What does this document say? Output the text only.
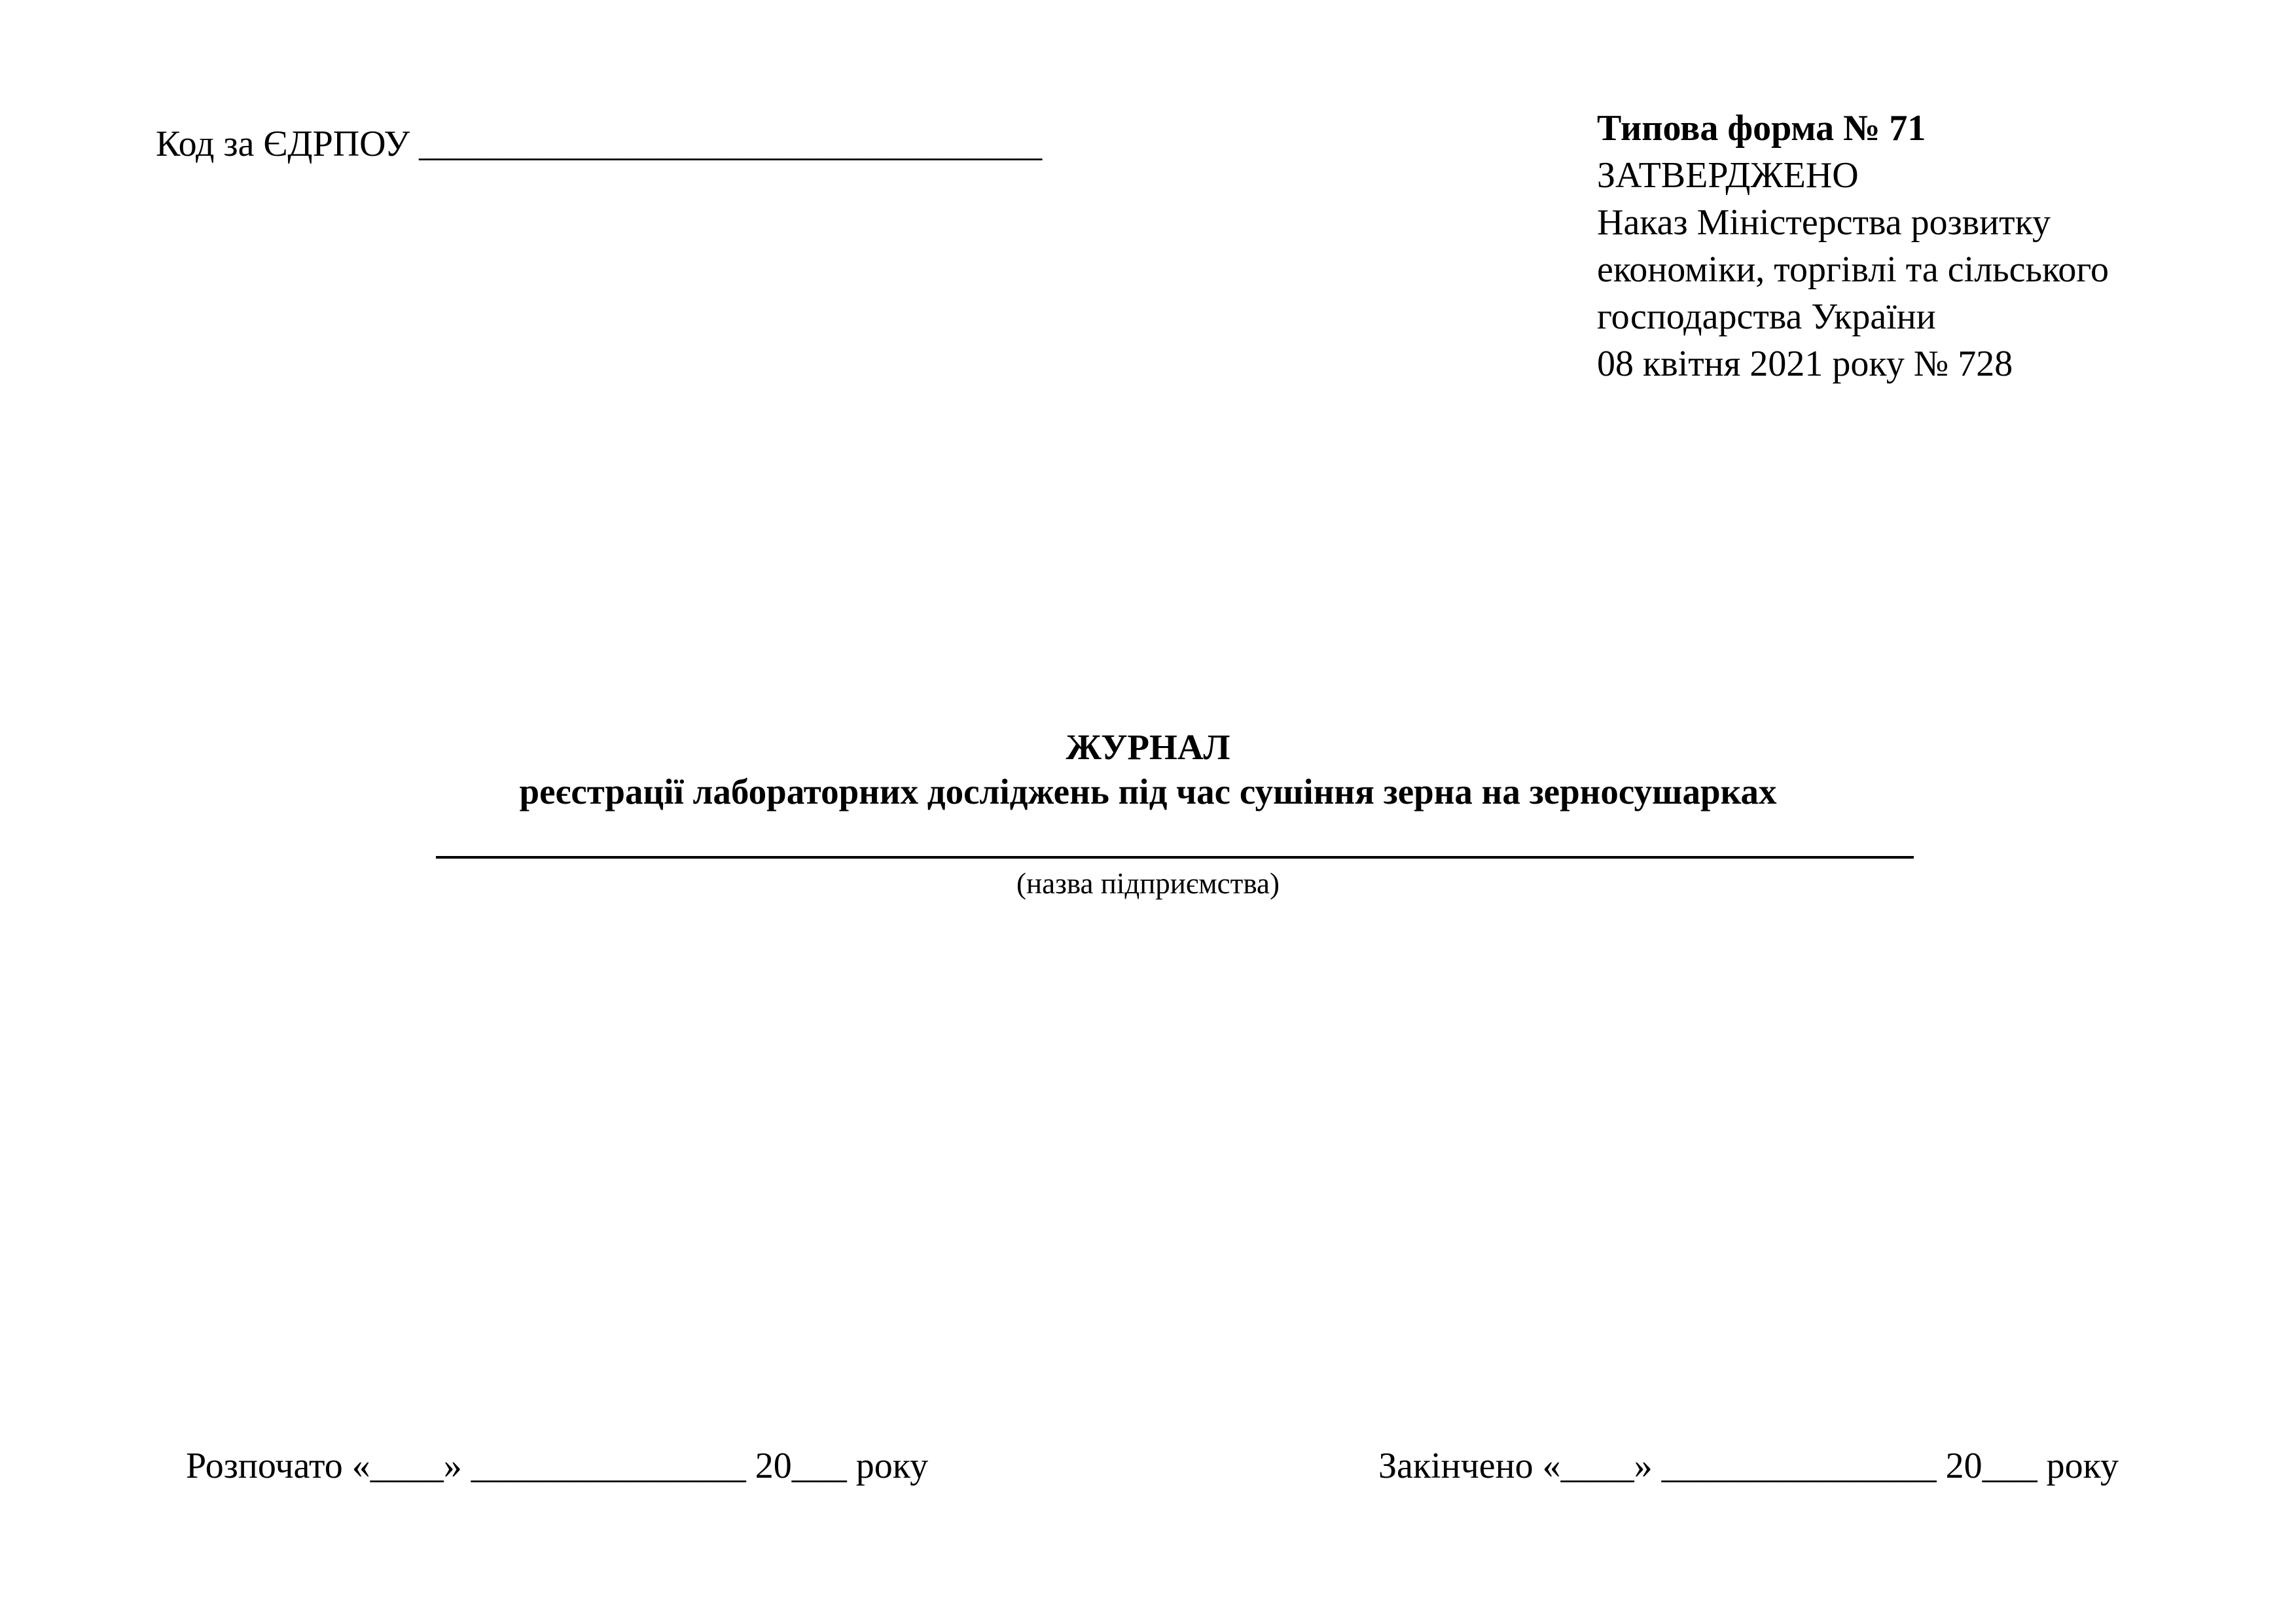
Код за ЄДРПОУ __________________________________	Типова форма № 71
ЗАТВЕРДЖЕНО
Наказ Міністерства розвитку
економіки, торгівлі та сільського
господарства України
08 квітня 2021 року № 728
ЖУРНАЛ
реєстрації лабораторних досліджень під час сушіння зерна на зерносушарках
(назва підприємства)
Розпочато «____» _______________ 20___ року	Закінчено «____» _______________ 20___ року
